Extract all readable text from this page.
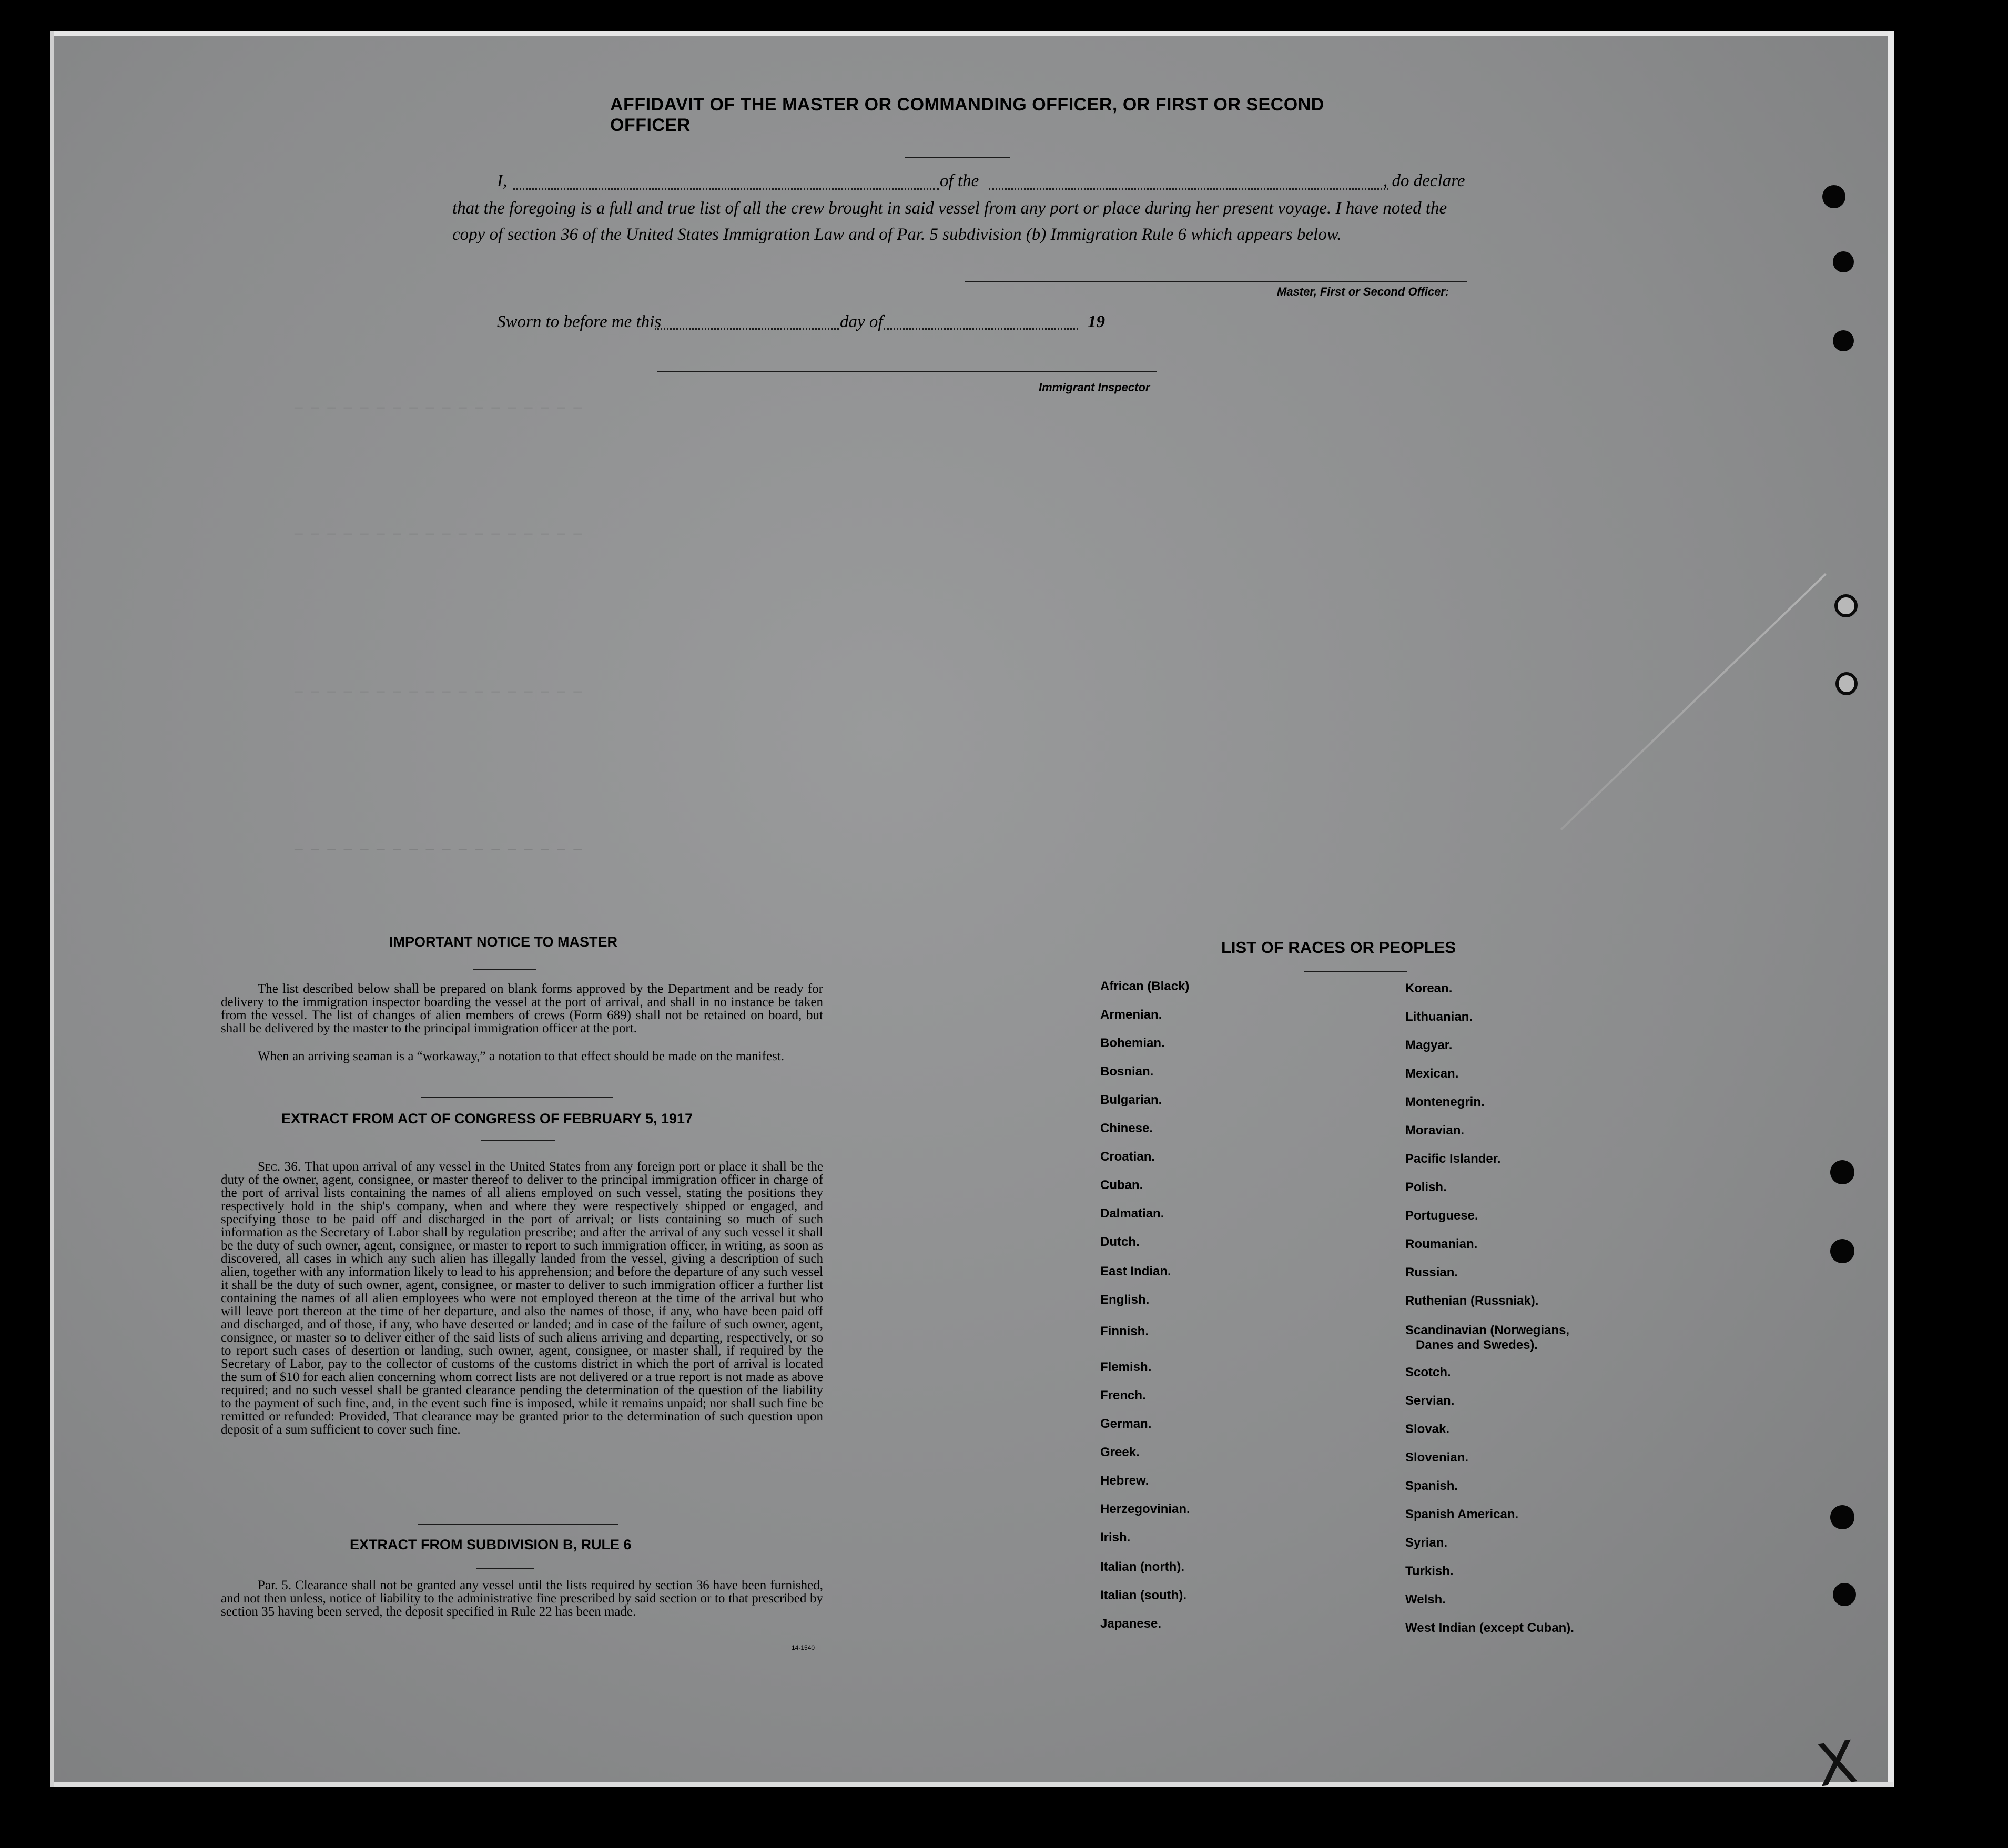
— — — — — — — — — — — — — — — — — —
— — — — — — — — — — — — — — — — — —
— — — — — — — — — — — — — — — — — —
— — — — — — — — — — — — — — — — — —
AFFIDAVIT OF THE MASTER OR COMMANDING OFFICER, OR FIRST OR SECOND OFFICER
I,	of the	, do declare
that the foregoing is a full and true list of all the crew brought in said vessel from any port or place during her present voyage. I have noted the
copy of section 36 of the United States Immigration Law and of Par. 5 subdivision (b) Immigration Rule 6 which appears below.
Master, First or Second Officer:
Sworn to before me this	day of	19
Immigrant Inspector
IMPORTANT NOTICE TO MASTER
The list described below shall be prepared on blank forms approved by the Department and be ready for delivery to the immigration inspector boarding the vessel at the port of arrival, and shall in no instance be taken from the vessel. The list of changes of alien members of crews (Form 689) shall not be retained on board, but shall be delivered by the master to the principal immigration officer at the port.
When an arriving seaman is a “workaway,” a notation to that effect should be made on the manifest.
EXTRACT FROM ACT OF CONGRESS OF FEBRUARY 5, 1917
Sec. 36. That upon arrival of any vessel in the United States from any foreign port or place it shall be the duty of the owner, agent, consignee, or master thereof to deliver to the principal immigration officer in charge of the port of arrival lists containing the names of all aliens employed on such vessel, stating the positions they respectively hold in the ship's company, when and where they were respectively shipped or engaged, and specifying those to be paid off and discharged in the port of arrival; or lists containing so much of such information as the Secretary of Labor shall by regulation prescribe; and after the arrival of any such vessel it shall be the duty of such owner, agent, consignee, or master to report to such immigration officer, in writing, as soon as discovered, all cases in which any such alien has illegally landed from the vessel, giving a description of such alien, together with any information likely to lead to his apprehension; and before the departure of any such vessel it shall be the duty of such owner, agent, consignee, or master to deliver to such immigration officer a further list containing the names of all alien employees who were not employed thereon at the time of the arrival but who will leave port thereon at the time of her departure, and also the names of those, if any, who have been paid off and discharged, and of those, if any, who have deserted or landed; and in case of the failure of such owner, agent, consignee, or master so to deliver either of the said lists of such aliens arriving and departing, respectively, or so to report such cases of desertion or landing, such owner, agent, consignee, or master shall, if required by the Secretary of Labor, pay to the collector of customs of the customs district in which the port of arrival is located the sum of $10 for each alien concerning whom correct lists are not delivered or a true report is not made as above required; and no such vessel shall be granted clearance pending the determination of the question of the liability to the payment of such fine, and, in the event such fine is imposed, while it remains unpaid; nor shall such fine be remitted or refunded: Provided, That clearance may be granted prior to the determination of such question upon deposit of a sum sufficient to cover such fine.
EXTRACT FROM SUBDIVISION B, RULE 6
Par. 5. Clearance shall not be granted any vessel until the lists required by section 36 have been furnished, and not then unless, notice of liability to the administrative fine prescribed by said section or to that prescribed by section 35 having been served, the deposit specified in Rule 22 has been made.
14-1540
LIST OF RACES OR PEOPLES
African (Black)
Armenian.
Bohemian.
Bosnian.
Bulgarian.
Chinese.
Croatian.
Cuban.
Dalmatian.
Dutch.
East Indian.
English.
Finnish.
Flemish.
French.
German.
Greek.
Hebrew.
Herzegovinian.
Irish.
Italian (north).
Italian (south).
Japanese.
Korean.
Lithuanian.
Magyar.
Mexican.
Montenegrin.
Moravian.
Pacific Islander.
Polish.
Portuguese.
Roumanian.
Russian.
Ruthenian (Russniak).
Scandinavian (Norwegians,
Danes and Swedes).
Scotch.
Servian.
Slovak.
Slovenian.
Spanish.
Spanish American.
Syrian.
Turkish.
Welsh.
West Indian (except Cuban).
X
